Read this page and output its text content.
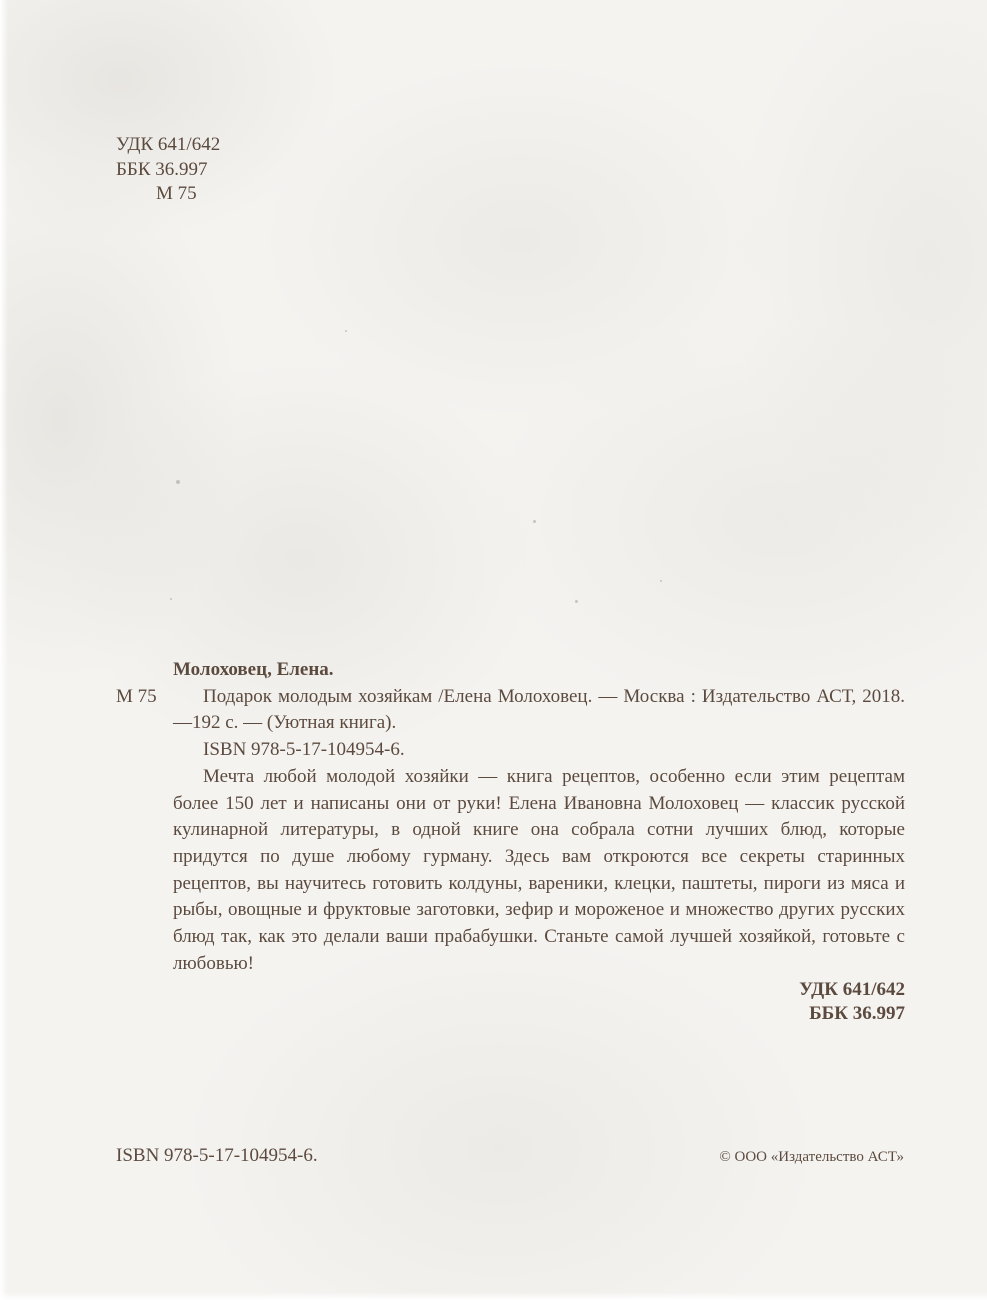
УДК 641/642
ББК 36.997
М 75
Молоховец, Елена.
М 75 Подарок молодым хозяйкам /Елена Молоховец. — Москва : Издательство АСТ, 2018. —192 с. — (Уютная книга).
ISBN 978-5-17-104954-6.
Мечта любой молодой хозяйки — книга рецептов, особенно если этим рецептам более 150 лет и написаны они от руки! Елена Ивановна Молоховец — классик русской кулинарной литературы, в одной книге она собрала сотни лучших блюд, которые придутся по душе любому гурману. Здесь вам откроются все секреты старинных рецептов, вы научитесь готовить колдуны, вареники, клецки, паштеты, пироги из мяса и рыбы, овощные и фруктовые заготовки, зефир и мороженое и множество других русских блюд так, как это делали ваши прабабушки. Станьте самой лучшей хозяйкой, готовьте с любовью!
УДК 641/642
ББК 36.997
ISBN 978-5-17-104954-6.	© ООО «Издательство АСТ»
